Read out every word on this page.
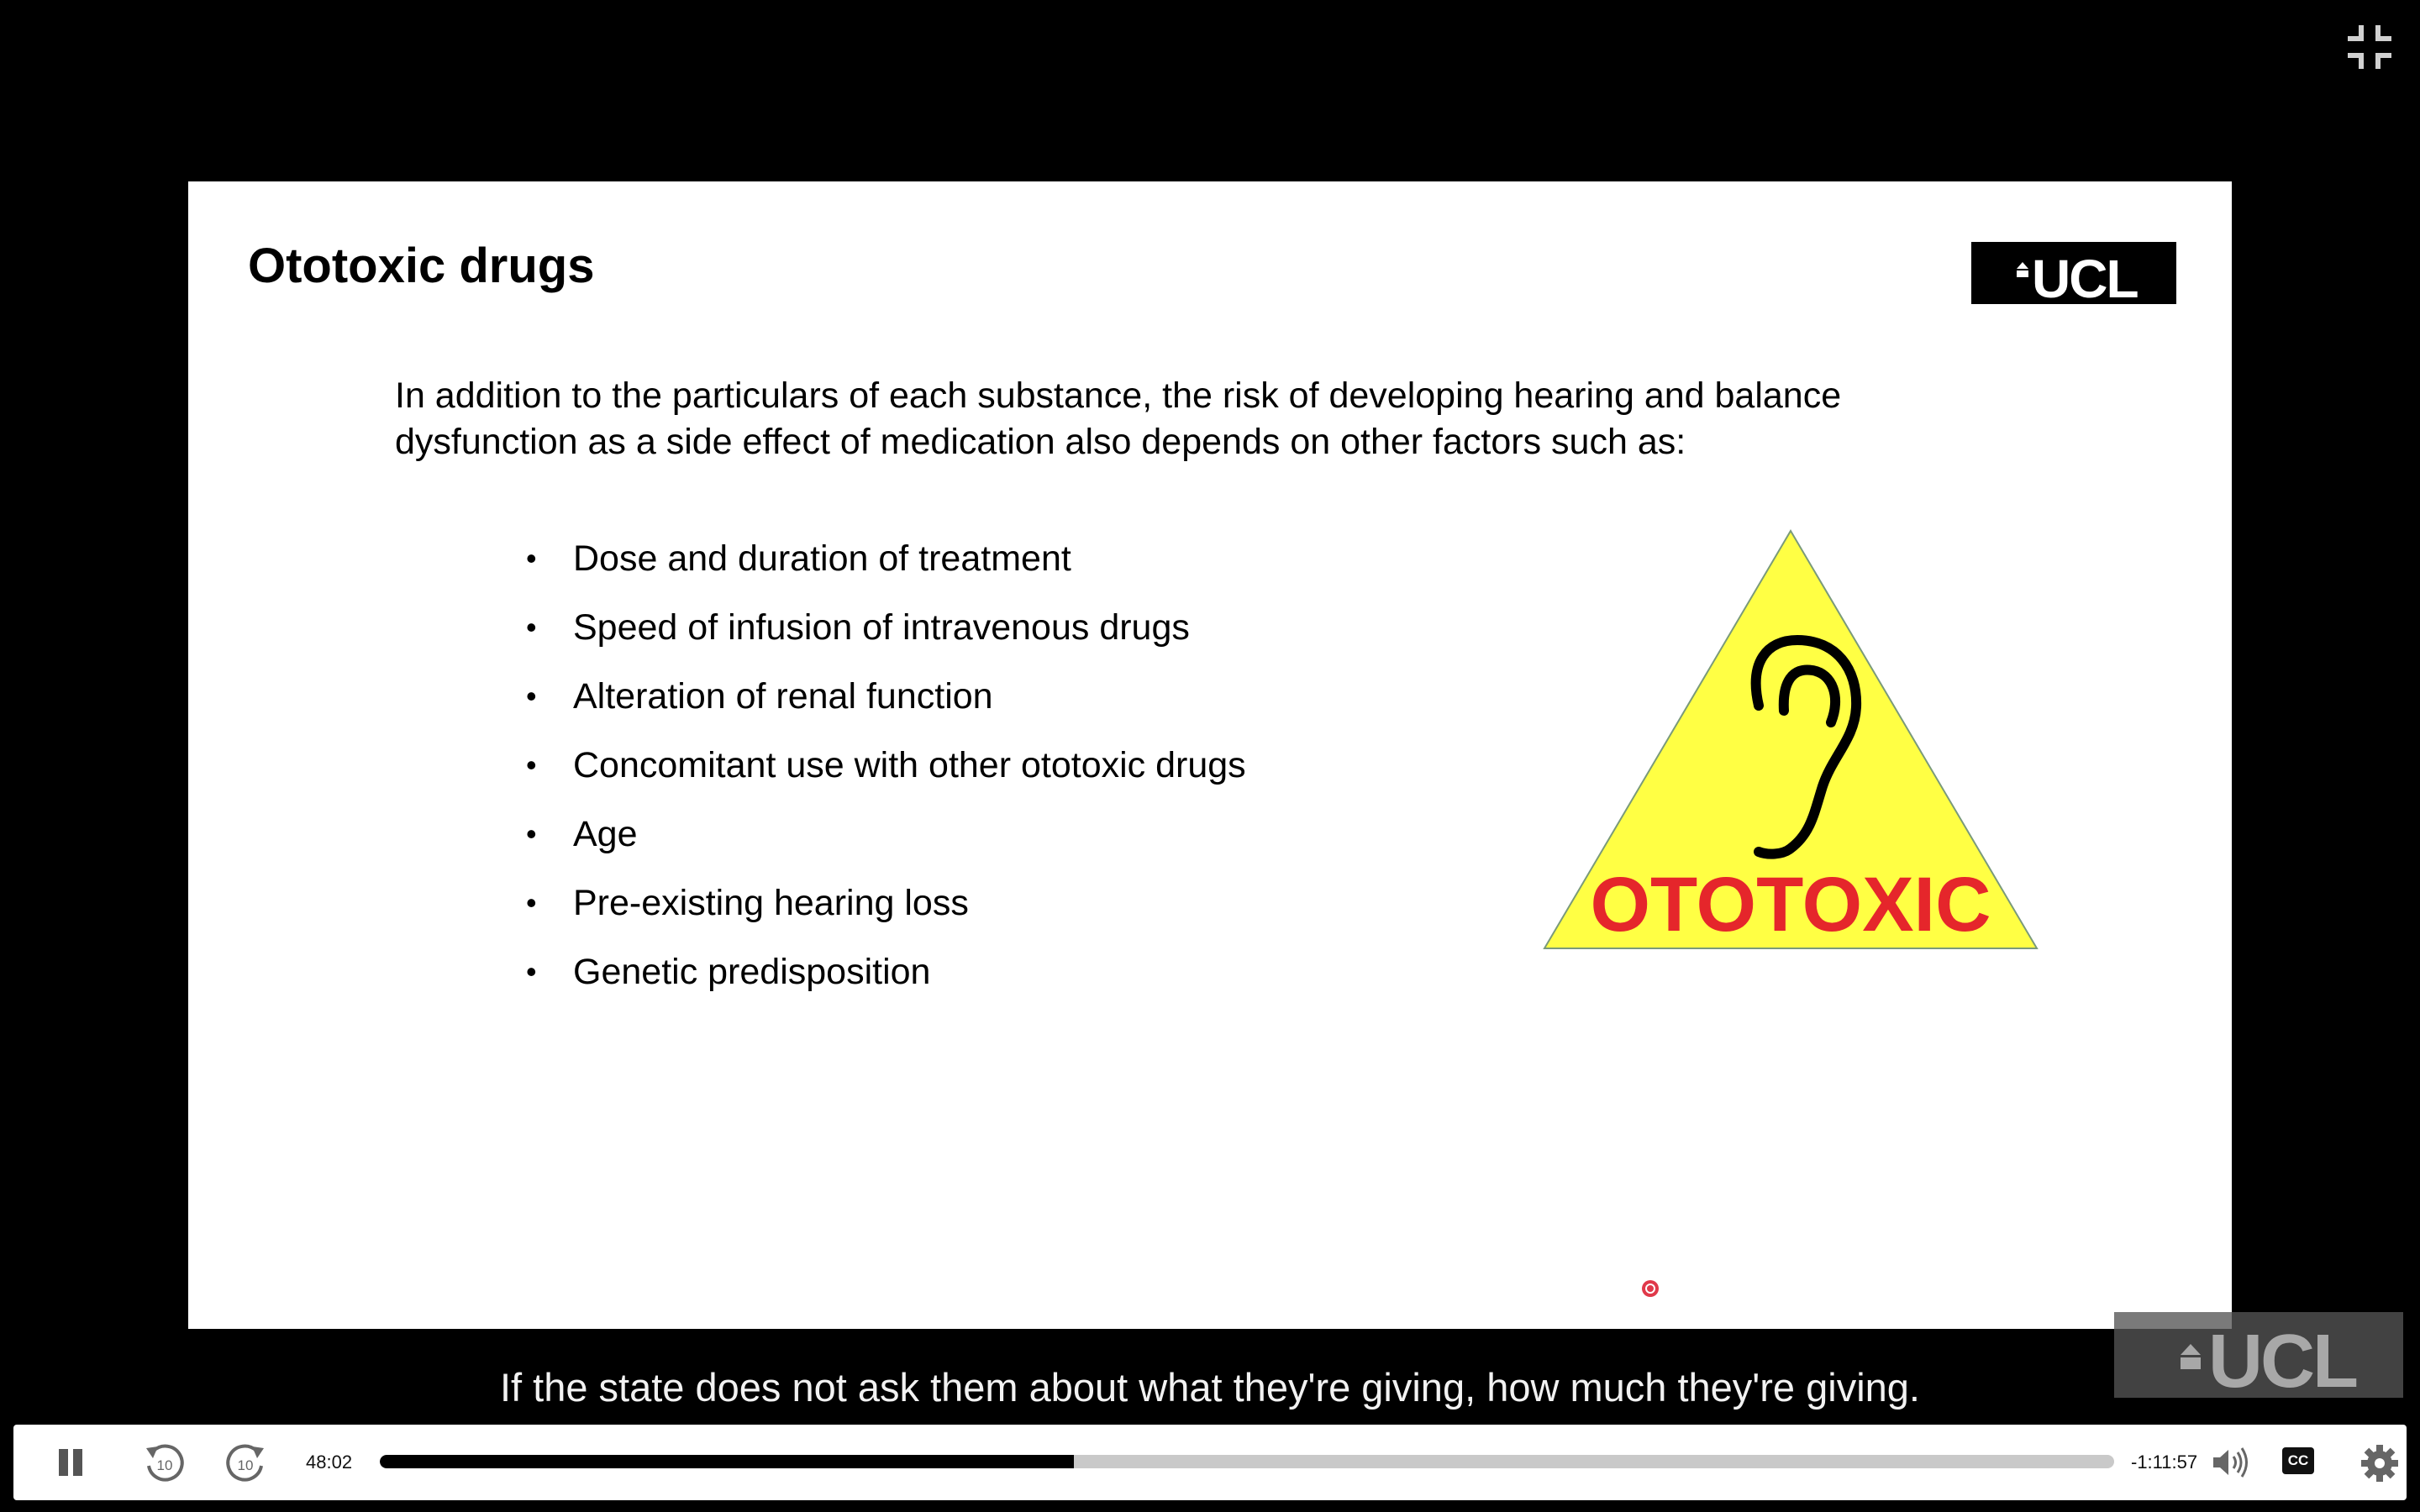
Ototoxic drugs	UCL

In addition to the particulars of each substance, the risk of developing hearing and balance dysfunction as a side effect of medication also depends on other factors such as:

• Dose and duration of treatment
• Speed of infusion of intravenous drugs
• Alteration of renal function
• Concomitant use with other ototoxic drugs
• Age
• Pre-existing hearing loss
• Genetic predisposition
OTOTOXIC
UCL
If the state does not ask them about what they're giving, how much they're giving.
10	10	48:02	-1:11:57	CC
